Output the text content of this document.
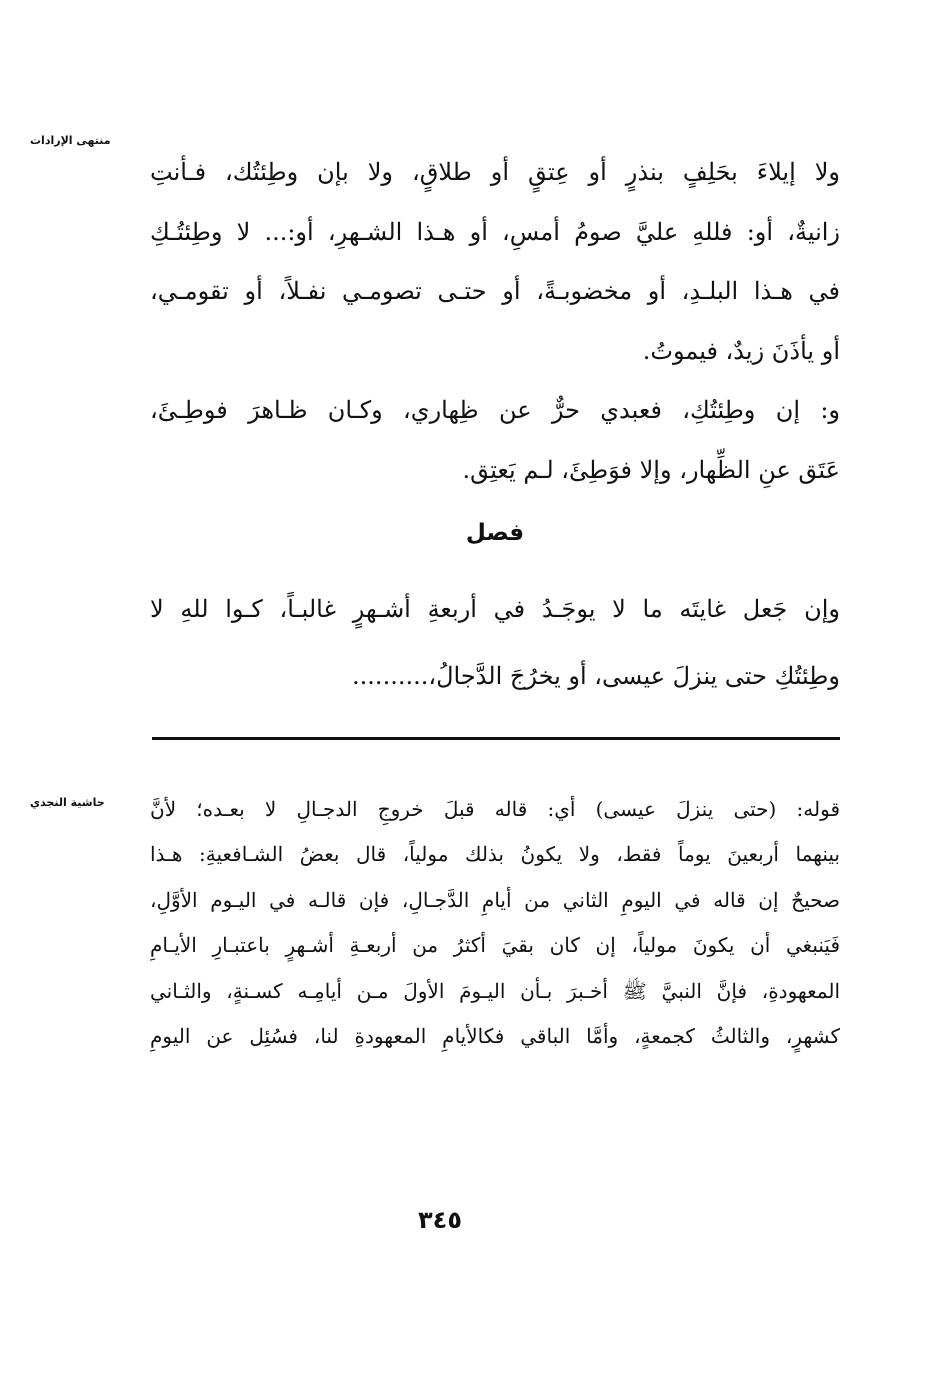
منتهى الإرادات
ولا إيلاءَ بحَلِفٍ بنذرٍ أو عِتقٍ أو طلاقٍ، ولا بإن وطِئتُك، فـأنتِ
زانيةٌ، أو: فللهِ عليَّ صومُ أمسِ، أو هـذا الشـهرِ، أو:... لا وطِئتُـكِ
في هـذا البلـدِ، أو مخضوبـةً، أو حتـى تصومـي نفـلاً، أو تقومـي،
أو يأذَنَ زيدٌ، فيموتُ.
و: إن وطِئتُكِ، فعبدي حرٌّ عن ظِهاري، وكـان ظـاهرَ فوطِـئَ،
عَتَق عنِ الظِّهار، وإلا فوَطِئَ، لـم يَعتِق.
فصل
وإن جَعل غايتَه ما لا يوجَـدُ في أربعةِ أشـهرٍ غالبـاً، كـوا للهِ لا
وطِئتُكِ حتى ينزلَ عيسى، أو يخرُجَ الدَّجالُ،..........
حاشية النجدي قوله: (حتى ينزلَ عيسى) أي: قاله قبلَ خروجِ الدجـالِ لا بعـده؛ لأنَّ
بينهما أربعينَ يوماً فقط، ولا يكونُ بذلك مولياً، قال بعضُ الشـافعيةِ: هـذا
صحيحٌ إن قاله في اليومِ الثاني من أيامِ الدَّجـالِ، فإن قالـه في اليـوم الأوَّلِ،
فَيَنبغي أن يكونَ مولياً، إن كان بقيَ أكثرُ من أربعـةِ أشـهرٍ باعتبـارِ الأيـامِ
المعهودةِ، فإنَّ النبيَّ ﷺ أخـبرَ بـأن اليـومَ الأولَ مـن أيامِـه كسـنةٍ، والثـاني
كشهرٍ، والثالثُ كجمعةٍ، وأمَّا الباقي فكالأيامِ المعهودةِ لنا، فسُئِل عن اليومِ
٣٤٥
